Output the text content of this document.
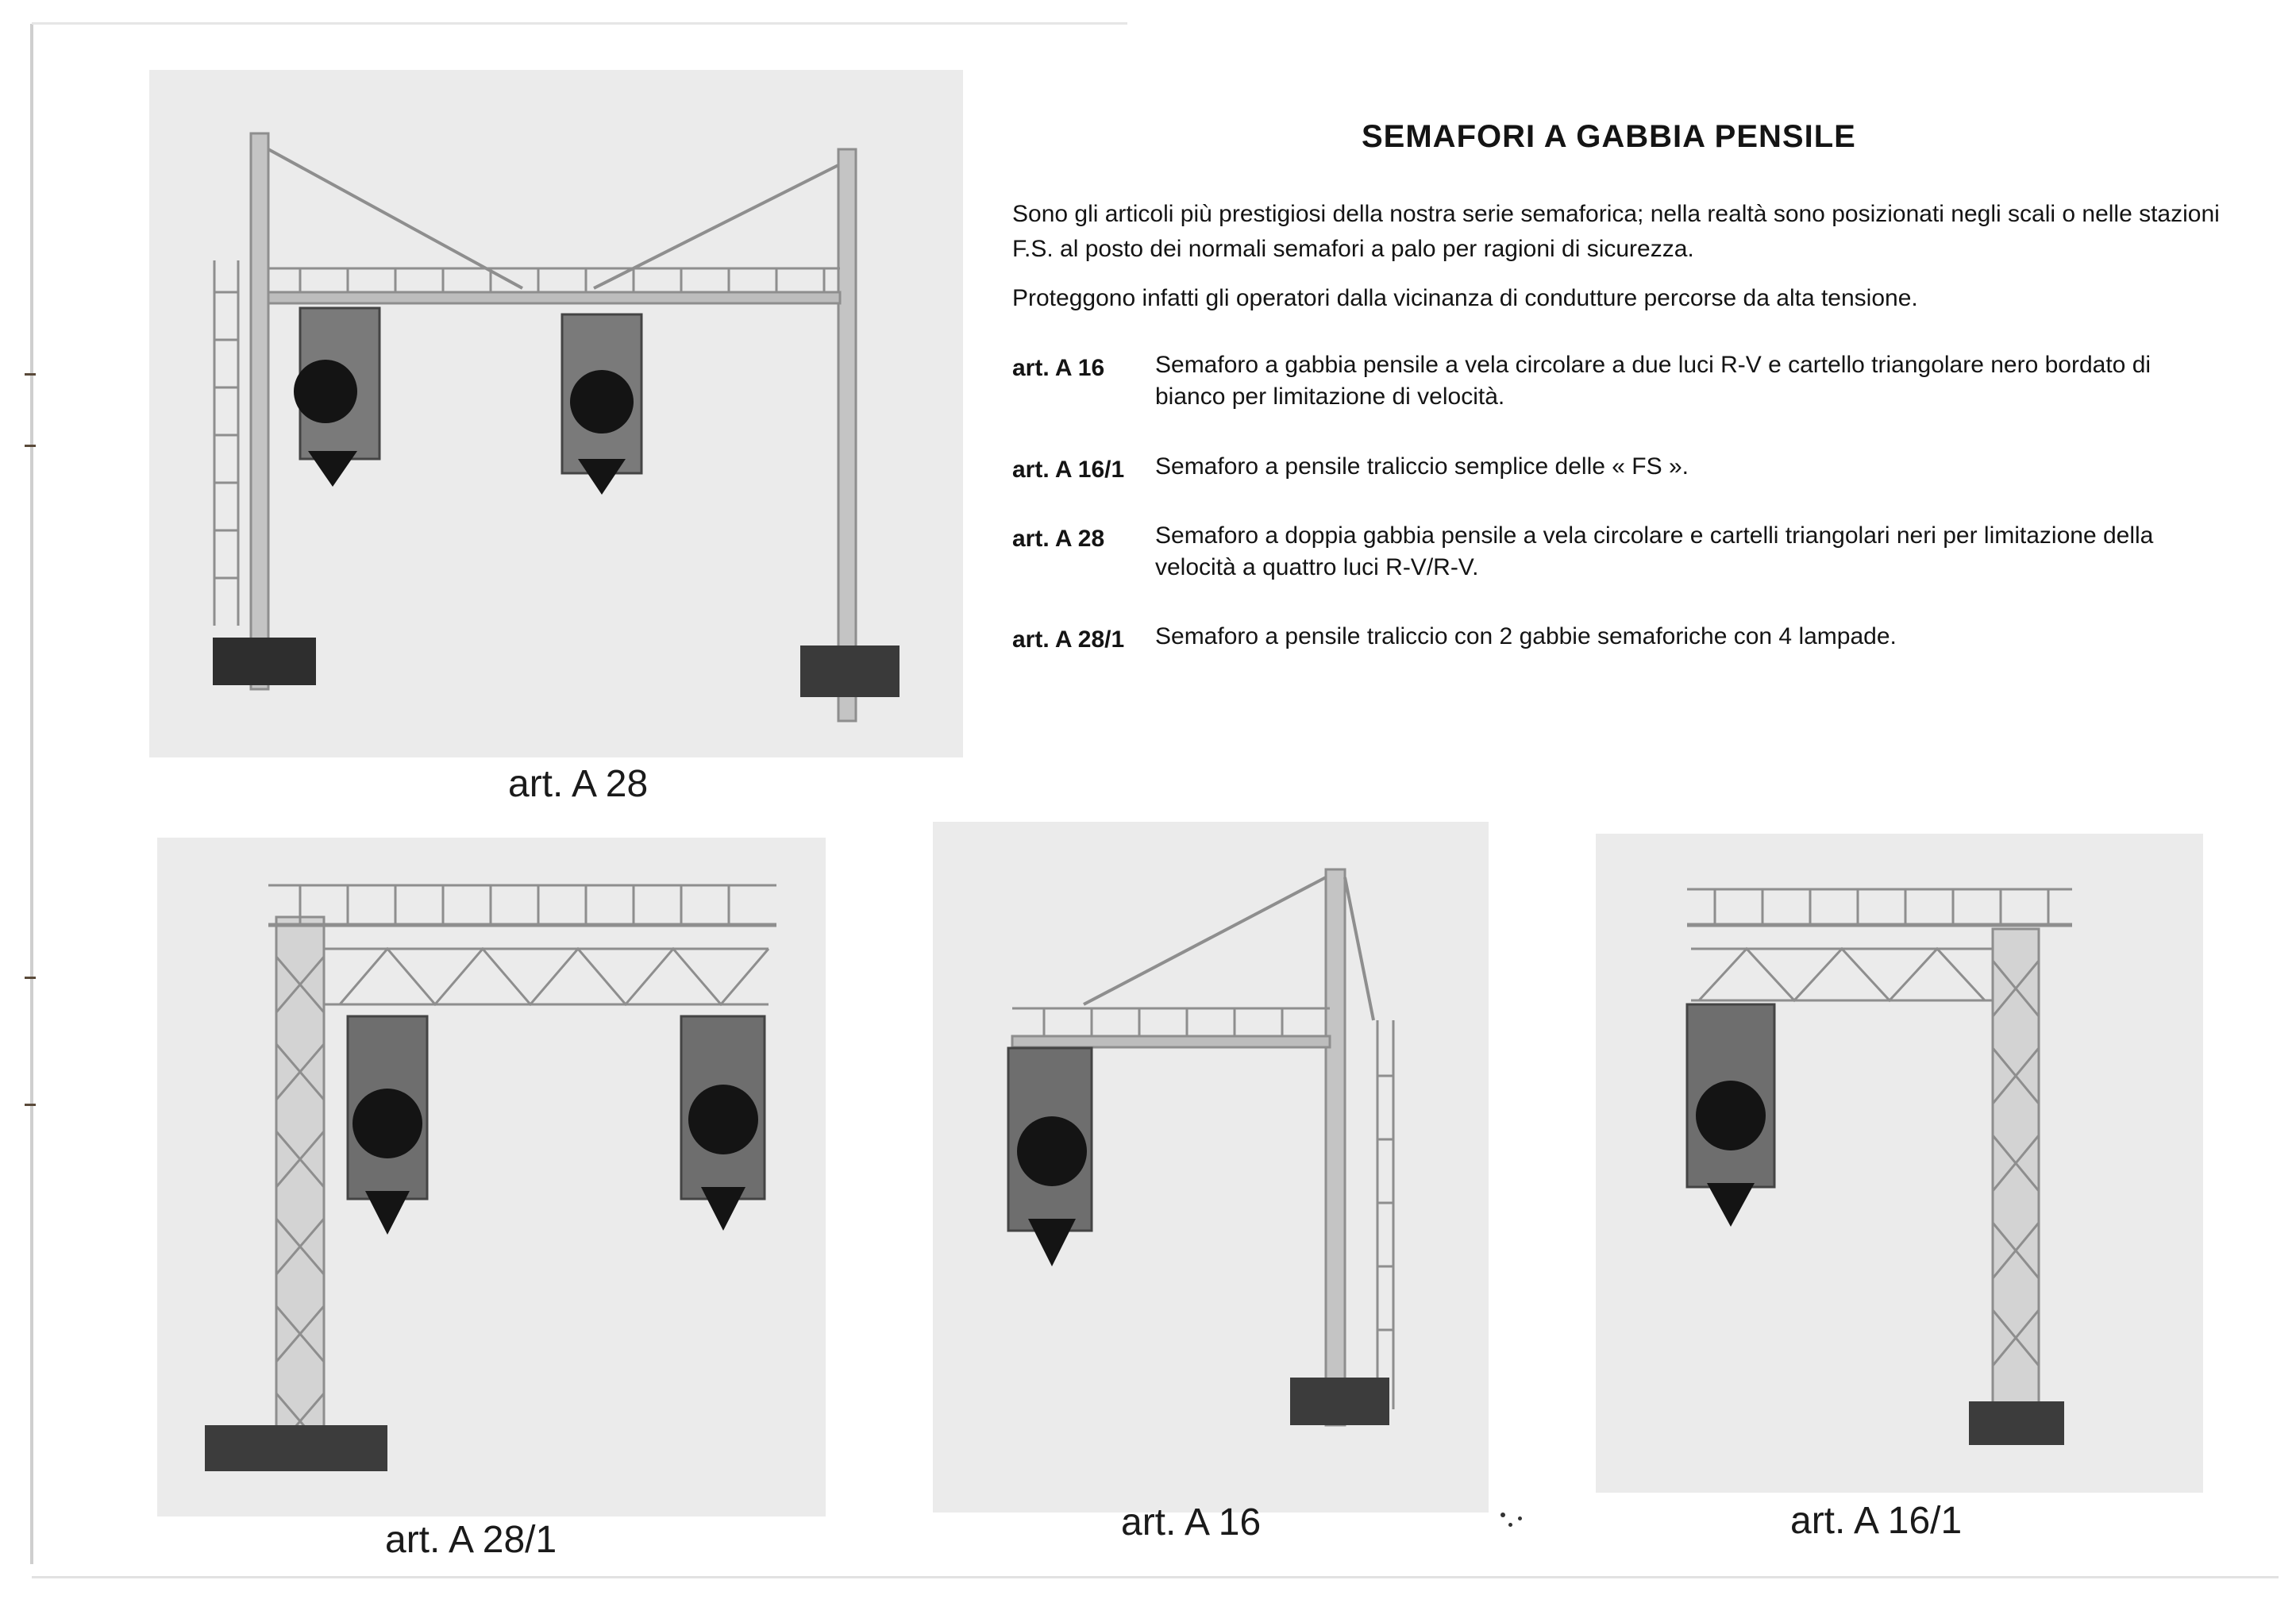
art. A 28
art. A 28/1	art. A 16	art. A 16/1
SEMAFORI A GABBIA PENSILE

Sono gli articoli più prestigiosi della nostra serie semaforica; nella realtà sono posizionati negli scali o nelle stazioni F.S. al posto dei normali semafori a palo per ragioni di sicurezza.

Proteggono infatti gli operatori dalla vicinanza di condutture percorse da alta tensione.

art. A 16	Semaforo a gabbia pensile a vela circolare a due luci R-V e cartello triangolare nero bordato di bianco per limitazione di velocità.
art. A 16/1	Semaforo a pensile traliccio semplice delle « FS ».
art. A 28	Semaforo a doppia gabbia pensile a vela circolare e cartelli triangolari neri per limitazione della velocità a quattro luci R-V/R-V.
art. A 28/1	Semaforo a pensile traliccio con 2 gabbie semaforiche con 4 lampade.
